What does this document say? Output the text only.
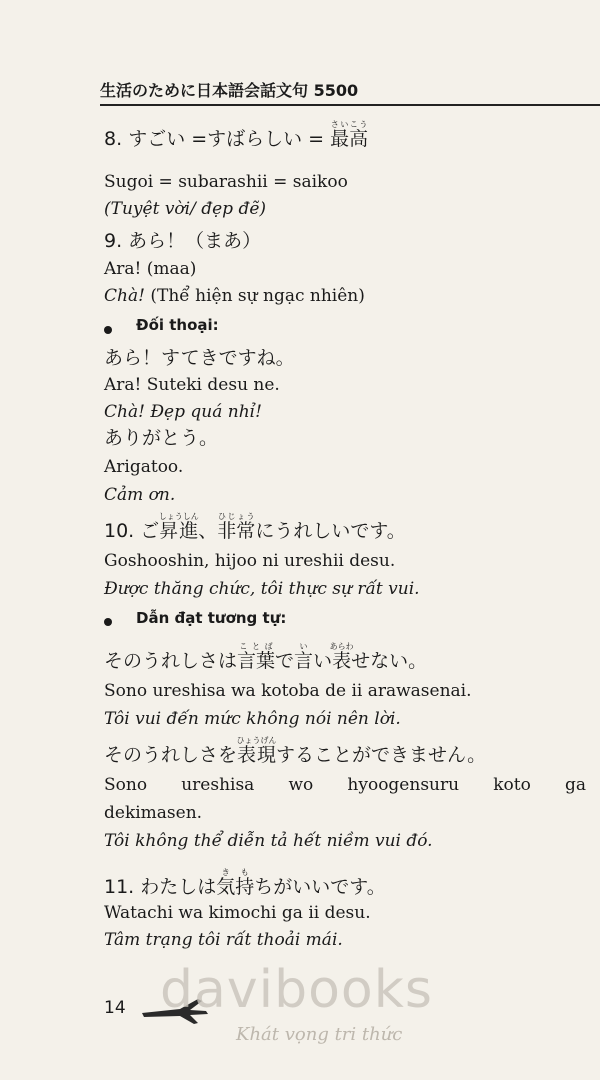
生活のために日本語会話文句 5500
8. すごい =すばらしい = 最高さいこう
Sugoi = subarashii = saikoo
(Tuyệt vời/ đẹp đẽ)
9. あら！（まあ）
Ara! (maa)
Chà! (Thể hiện sự ngạc nhiên)
Đối thoại:
あら！すてきですね。
Ara! Suteki desu ne.
Chà! Đẹp quá nhỉ!
ありがとう。
Arigatoo.
Cảm ơn.
10. ご昇進しょうしん、非常ひじょうにうれしいです。
Goshooshin, hijoo ni ureshii desu.
Được thăng chức, tôi thực sự rất vui.
Dẫn đạt tương tự:
そのうれしさは言葉ことばで言いい表あらわせない。
Sono ureshisa wa kotoba de ii arawasenai.
Tôi vui đến mức không nói nên lời.
そのうれしさを表現ひょうげんすることができません。
Sono ureshisa wo hyoogensuru koto ga
dekimasen.
Tôi không thể diễn tả hết niềm vui đó.
11. わたしは気持きもちがいいです。
Watachi wa kimochi ga ii desu.
Tâm trạng tôi rất thoải mái.
14 davibooks
Khát vọng tri thức
